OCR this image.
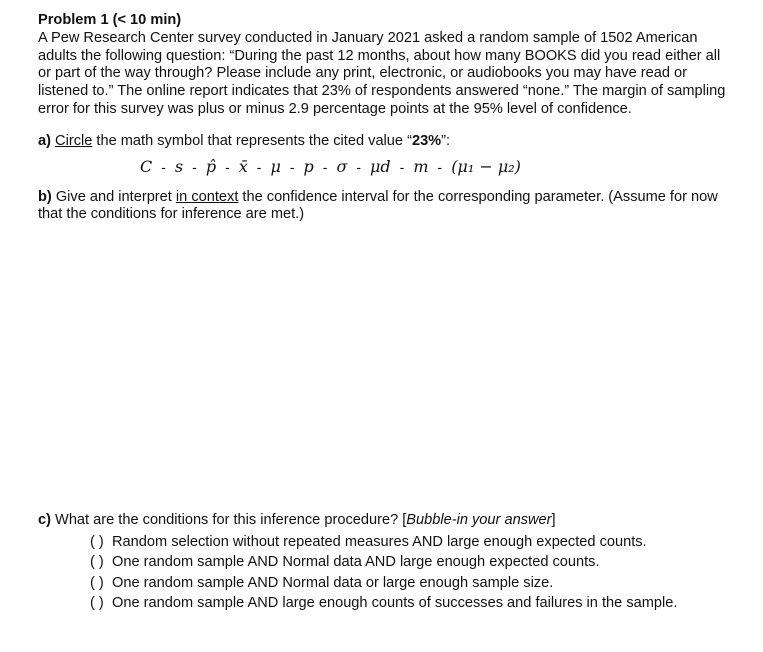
Problem 1 (< 10 min)

A Pew Research Center survey conducted in January 2021 asked a random sample of 1502 American adults the following question: “During the past 12 months, about how many BOOKS did you read either all or part of the way through? Please include any print, electronic, or audiobooks you may have read or listened to.” The online report indicates that 23% of respondents answered “none.” The margin of sampling error for this survey was plus or minus 2.9 percentage points at the 95% level of confidence.

a) Circle the math symbol that represents the cited value “23%”:
C - s - p̂ - x̄ - μ - p - σ - μd - m - (μ₁ − μ₂)
b) Give and interpret in context the confidence interval for the corresponding parameter. (Assume for now that the conditions for inference are met.)
c) What are the conditions for this inference procedure? [Bubble-in your answer]
( ) Random selection without repeated measures AND large enough expected counts.
( ) One random sample AND Normal data AND large enough expected counts.
( ) One random sample AND Normal data or large enough sample size.
( ) One random sample AND large enough counts of successes and failures in the sample.
